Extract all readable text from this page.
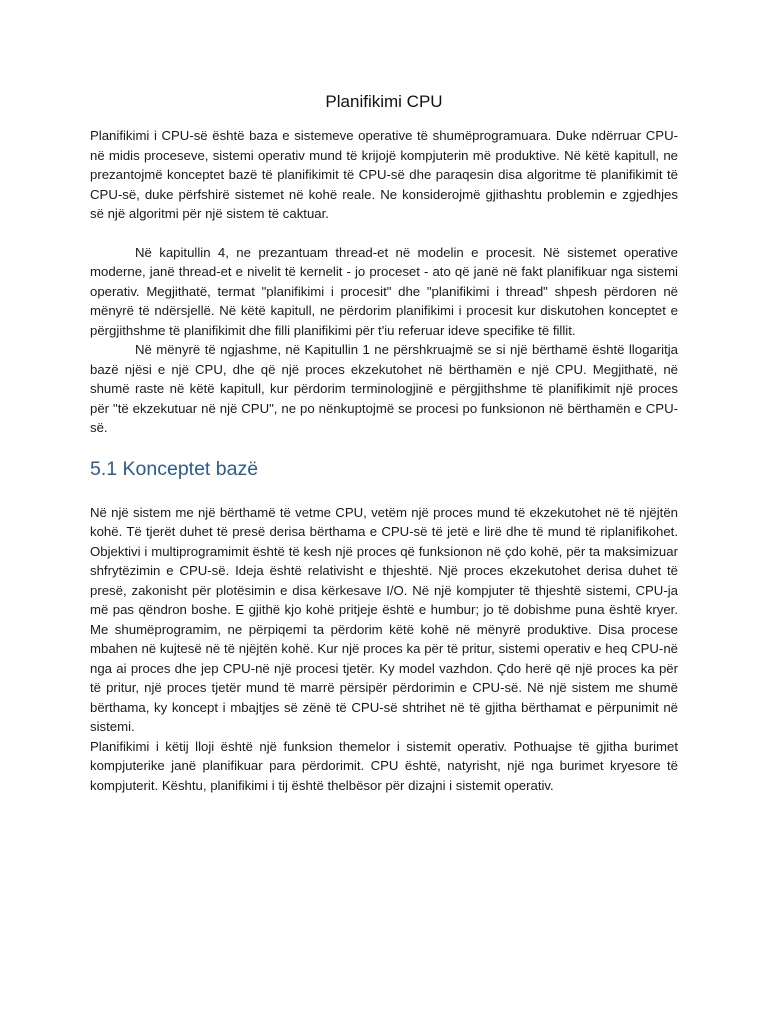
Planifikimi CPU

Planifikimi i CPU-së është baza e sistemeve operative të shumëprogramuara. Duke ndërruar CPU-në midis proceseve, sistemi operativ mund të krijojë kompjuterin më produktive. Në këtë kapitull, ne prezantojmë konceptet bazë të planifikimit të CPU-së dhe paraqesin disa algoritme të planifikimit të CPU-së, duke përfshirë sistemet në kohë reale. Ne konsiderojmë gjithashtu problemin e zgjedhjes së një algoritmi për një sistem të caktuar.

Në kapitullin 4, ne prezantuam thread-et në modelin e procesit. Në sistemet operative moderne, janë thread-et e nivelit të kernelit - jo proceset - ato që janë në fakt planifikuar nga sistemi operativ. Megjithatë, termat "planifikimi i procesit" dhe "planifikimi i thread" shpesh përdoren në mënyrë të ndërsjellë. Në këtë kapitull, ne përdorim planifikimi i procesit kur diskutohen konceptet e përgjithshme të planifikimit dhe filli planifikimi për t'iu referuar ideve specifike të fillit.

Në mënyrë të ngjashme, në Kapitullin 1 ne përshkruajmë se si një bërthamë është llogaritja bazë njësi e një CPU, dhe që një proces ekzekutohet në bërthamën e një CPU. Megjithatë, në shumë raste në këtë kapitull, kur përdorim terminologjinë e përgjithshme të planifikimit një proces për "të ekzekutuar në një CPU", ne po nënkuptojmë se procesi po funksionon në bërthamën e CPU-së.

5.1 Konceptet bazë

Në një sistem me një bërthamë të vetme CPU, vetëm një proces mund të ekzekutohet në të njëjtën kohë. Të tjerët duhet të presë derisa bërthama e CPU-së të jetë e lirë dhe të mund të riplanifikohet. Objektivi i multiprogramimit është të kesh një proces që funksionon në çdo kohë, për ta maksimizuar shfrytëzimin e CPU-së. Ideja është relativisht e thjeshtë. Një proces ekzekutohet derisa duhet të presë, zakonisht për plotësimin e disa kërkesave I/O. Në një kompjuter të thjeshtë sistemi, CPU-ja më pas qëndron boshe. E gjithë kjo kohë pritjeje është e humbur; jo të dobishme puna është kryer. Me shumëprogramim, ne përpiqemi ta përdorim këtë kohë në mënyrë produktive. Disa procese mbahen në kujtesë në të njëjtën kohë. Kur një proces ka për të pritur, sistemi operativ e heq CPU-në nga ai proces dhe jep CPU-në një procesi tjetër. Ky model vazhdon. Çdo herë që një proces ka për të pritur, një proces tjetër mund të marrë përsipër përdorimin e CPU-së. Në një sistem me shumë bërthama, ky koncept i mbajtjes së zënë të CPU-së shtrihet në të gjitha bërthamat e përpunimit në sistemi.

Planifikimi i këtij lloji është një funksion themelor i sistemit operativ. Pothuajse të gjitha burimet kompjuterike janë planifikuar para përdorimit. CPU është, natyrisht, një nga burimet kryesore të kompjuterit. Kështu, planifikimi i tij është thelbësor për dizajni i sistemit operativ.
